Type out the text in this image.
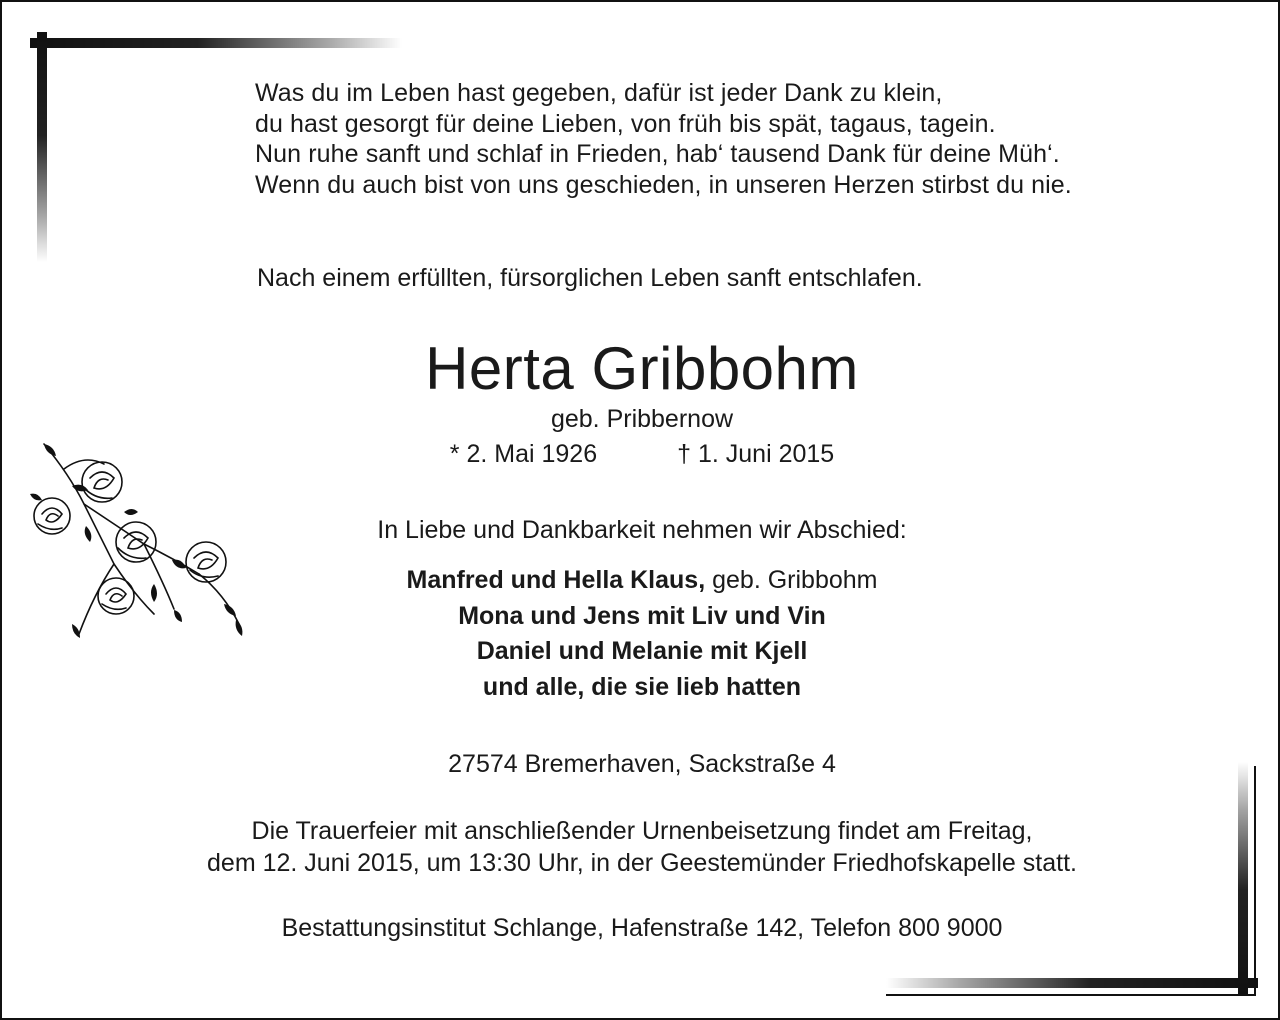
Was du im Leben hast gegeben, dafür ist jeder Dank zu klein,
du hast gesorgt für deine Lieben, von früh bis spät, tagaus, tagein.
Nun ruhe sanft und schlaf in Frieden, hab‘ tausend Dank für deine Müh‘.
Wenn du auch bist von uns geschieden, in unseren Herzen stirbst du nie.
Nach einem erfüllten, fürsorglichen Leben sanft entschlafen.
Herta Gribbohm
geb. Pribbernow
* 2. Mai 1926	† 1. Juni 2015
In Liebe und Dankbarkeit nehmen wir Abschied:
Manfred und Hella Klaus, geb. Gribbohm
Mona und Jens mit Liv und Vin
Daniel und Melanie mit Kjell
und alle, die sie lieb hatten
27574 Bremerhaven, Sackstraße 4
Die Trauerfeier mit anschließender Urnenbeisetzung findet am Freitag,
dem 12. Juni 2015, um 13:30 Uhr, in der Geestemünder Friedhofskapelle statt.
Bestattungsinstitut Schlange, Hafenstraße 142, Telefon 800 9000
